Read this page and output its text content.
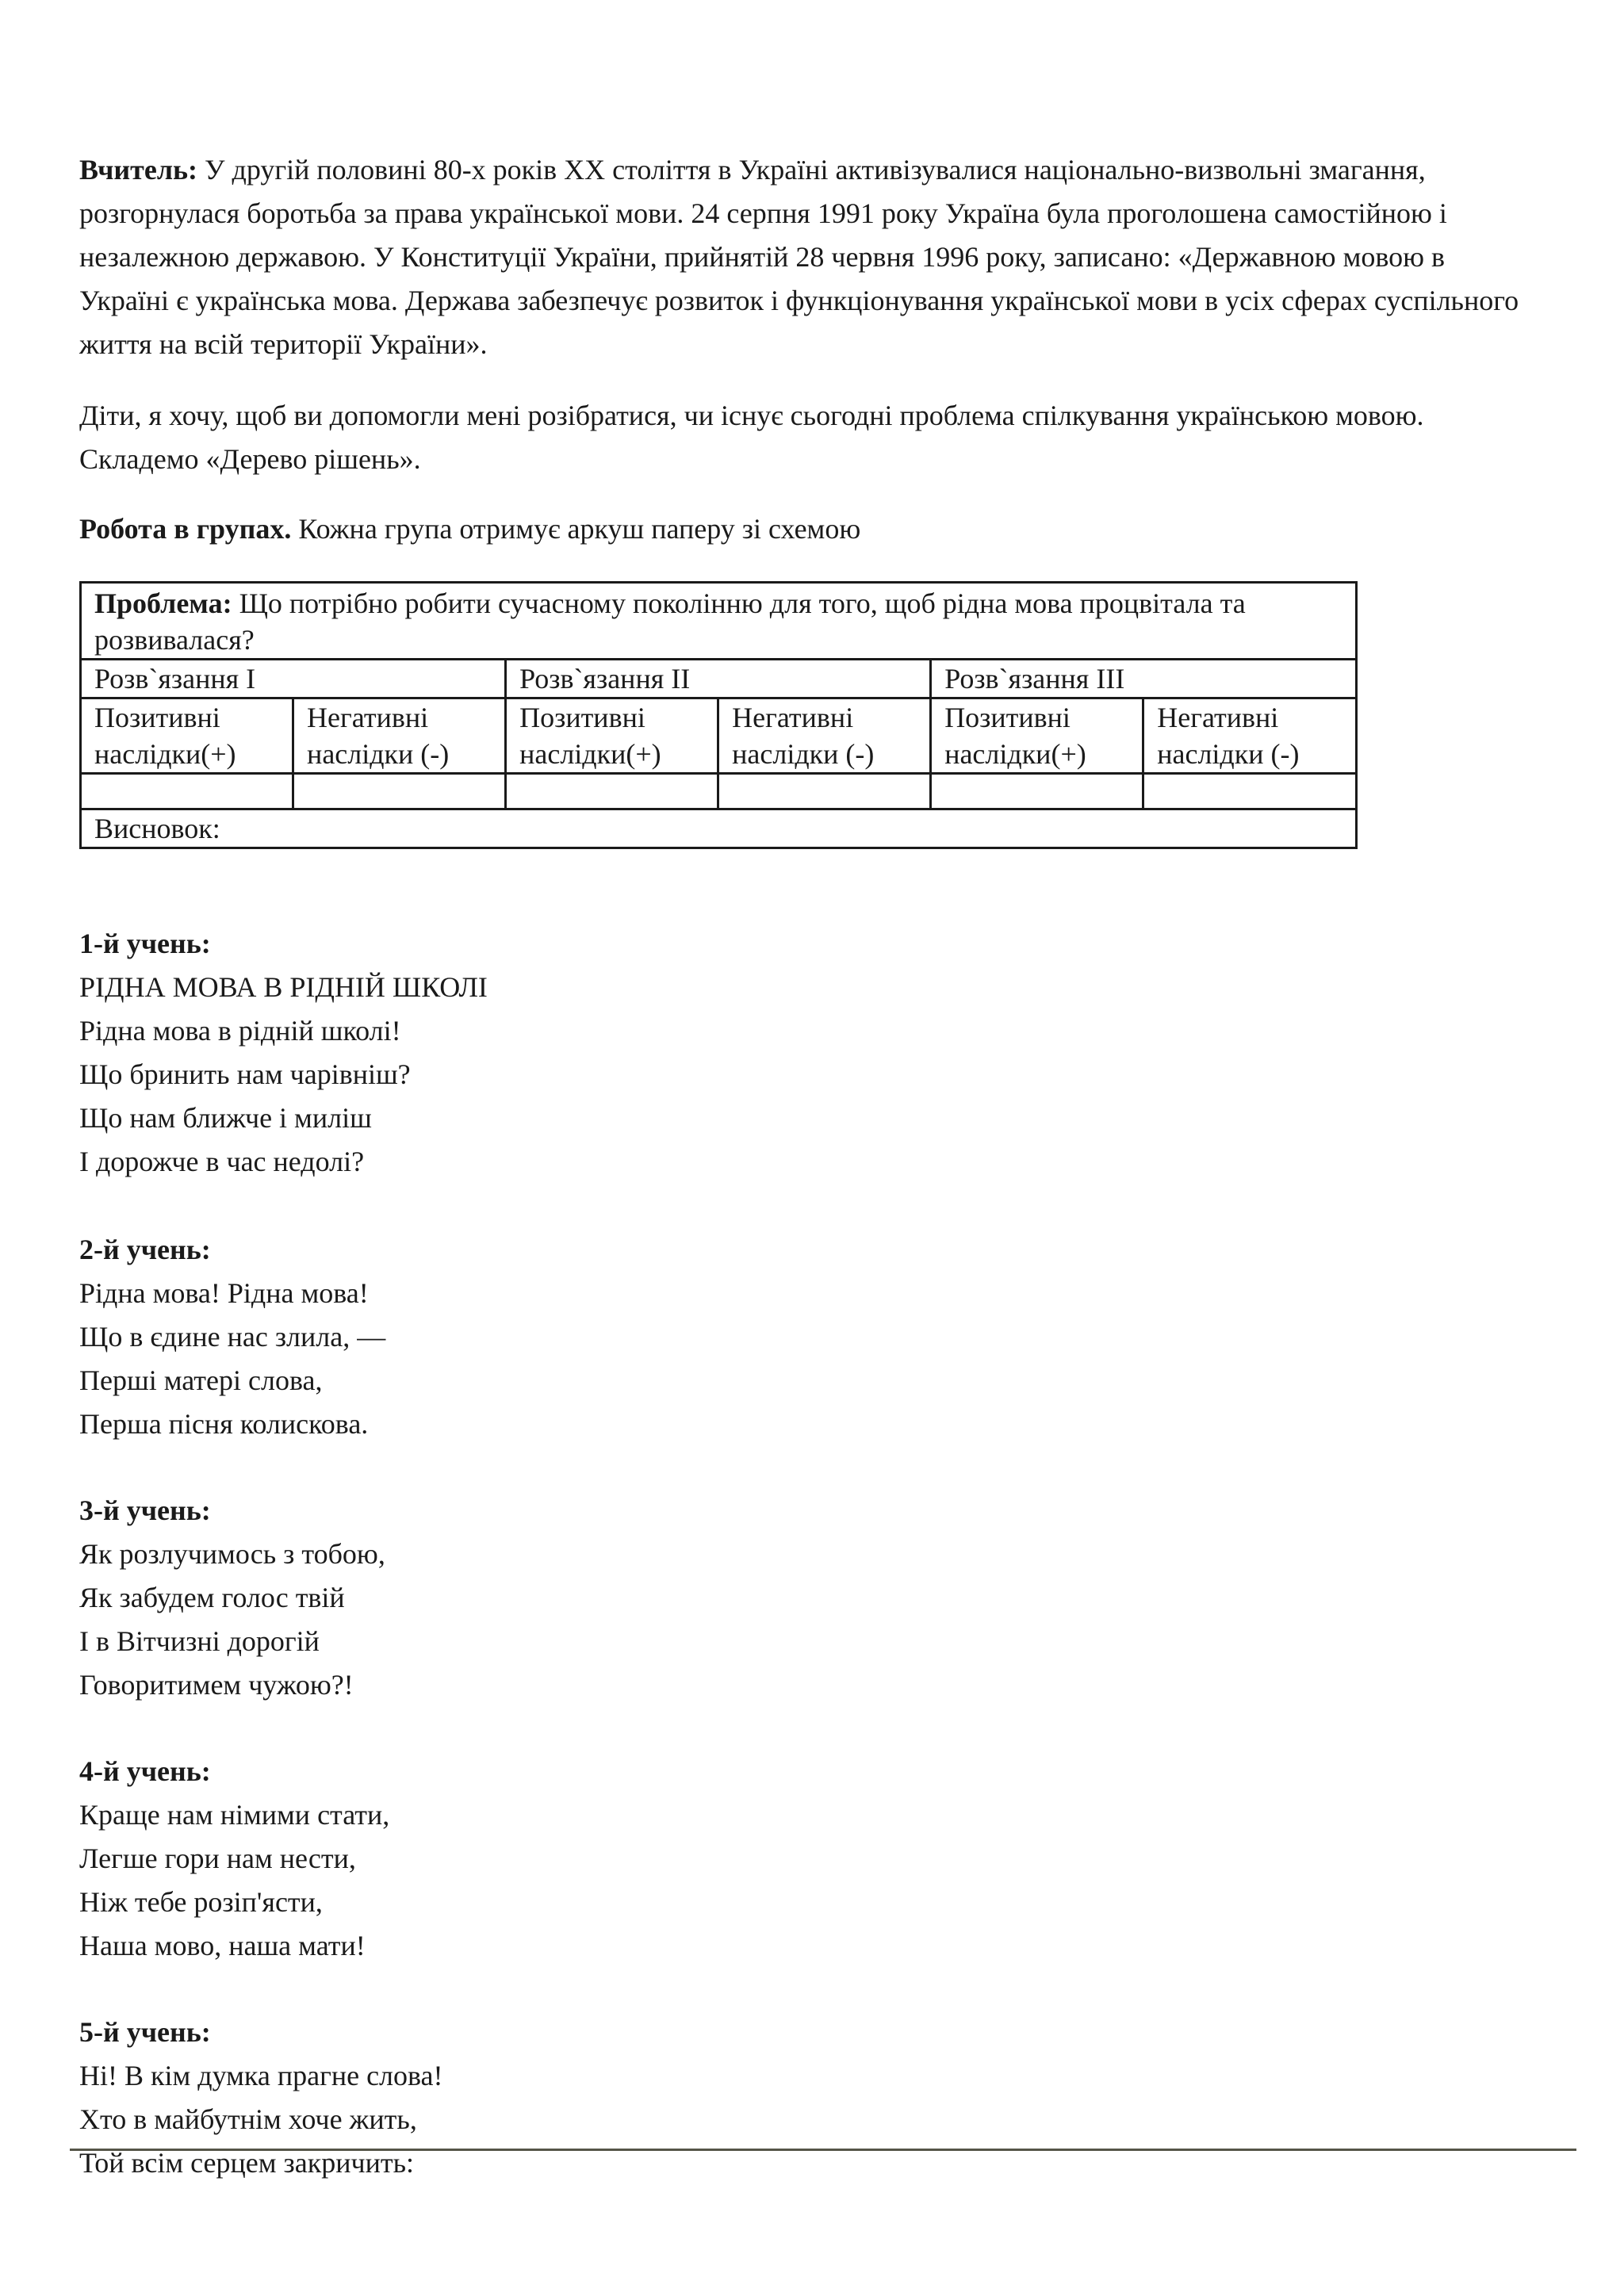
Вчитель: У другій половині 80-х років XX століття в Україні активізувалися національно-визвольні змагання, розгорнулася боротьба за права української мови. 24 серпня 1991 року Україна була проголошена самостійною і незалежною державою. У Конституції України, прийнятій 28 червня 1996 року, записано: «Державною мовою в Україні є українська мова. Держава забезпечує розвиток і функціонування української мови в усіх сферах суспільного життя на всій території України».

Діти, я хочу, щоб ви допомогли мені розібратися, чи існує сьогодні проблема спілкування українською мовою. Складемо «Дерево рішень».

Робота в групах. Кожна група отримує аркуш паперу зі схемою

Проблема: Що потрібно робити сучасному поколінню для того, щоб рідна мова процвітала та розвивалася?					
Розв`язання I		Розв`язання II		Розв`язання III	
Позитивні наслідки(+)	Негативні наслідки (-)	Позитивні наслідки(+)	Негативні наслідки (-)	Позитивні наслідки(+)	Негативні наслідки (-)

Висновок:					
1-й учень:
РІДНА МОВА В РІДНІЙ ШКОЛІ
Рідна мова в рідній школі!
Що бринить нам чарівніш?
Що нам ближче і миліш
І дорожче в час недолі?
2-й учень:
Рідна мова! Рідна мова!
Що в єдине нас злила, —
Перші матері слова,
Перша пісня колискова.
3-й учень:
Як розлучимось з тобою,
Як забудем голос твій
І в Вітчизні дорогій
Говоритимем чужою?!
4-й учень:
Краще нам німими стати,
Легше гори нам нести,
Ніж тебе розіп'ясти,
Наша мово, наша мати!
5-й учень:
Ні! В кім думка прагне слова!
Хто в майбутнім хоче жить,
Той всім серцем закричить:
